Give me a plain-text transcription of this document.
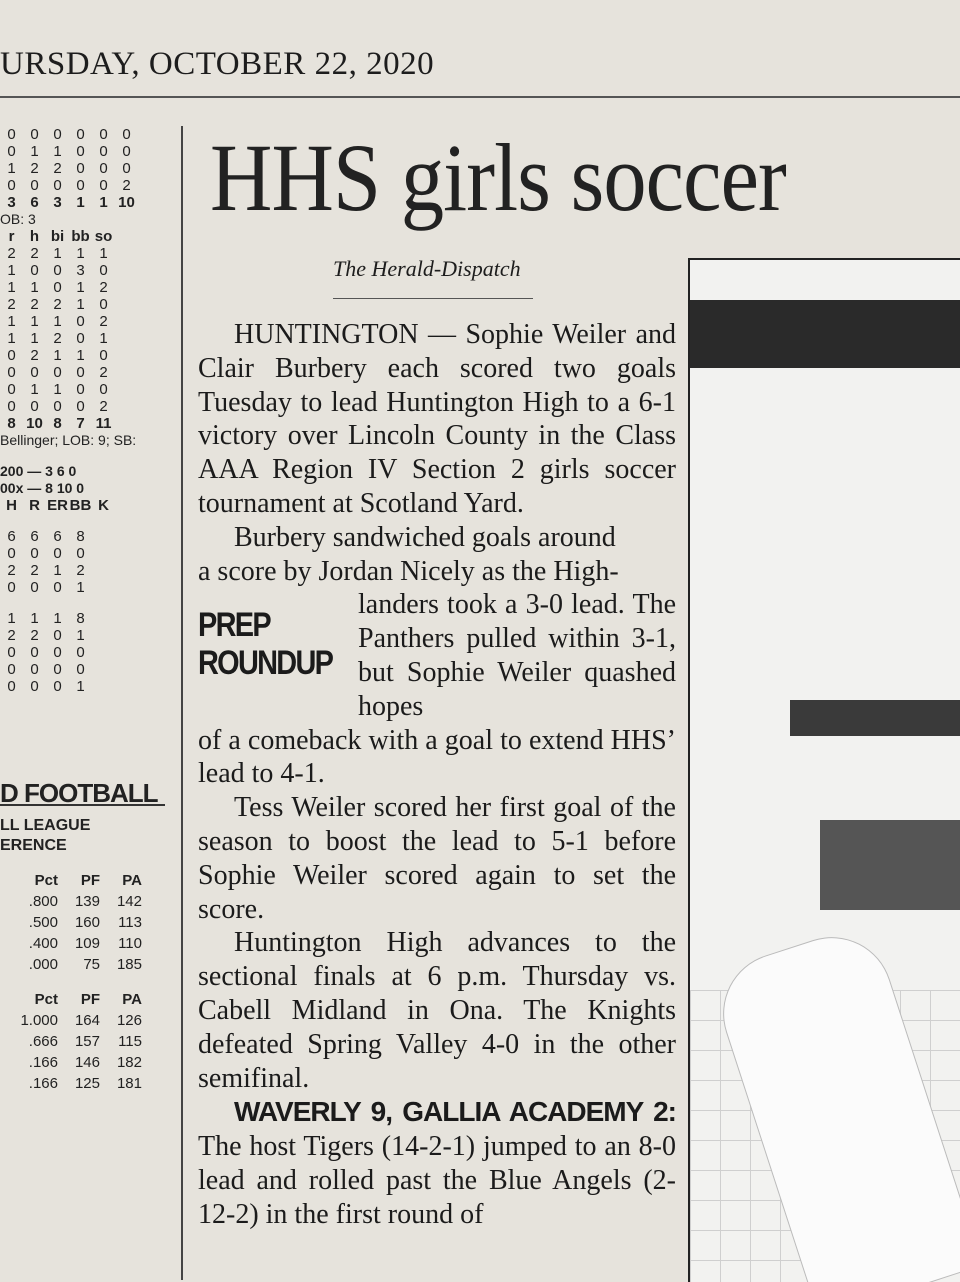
URSDAY, OCTOBER 22, 2020
0 0 0 0 0 0
0 1 1 0 0 0
1 2 2 0 0 0
0 0 0 0 0 2
3 6 3 1 1 10
OB: 3
r	h bi bb so
2 2 1 1 1
1 0 0 3 0
1 1 0 1 2
2 2 2 1 0
1 1 1 0 2
1 1 2 0 1
0 2 1 1 0
0 0 0 0 2
0 1 1 0 0
0 0 0 0 2
8 10 8 7 11
Bellinger; LOB: 9; SB:
200 — 3 6 0
00x — 8 10 0
H R ER BB K
6 6 6 8
0 0 0 0
2 2 1 2
0 0 0 1
1 1 1 8
2 2 0 1
0 0 0 0
0 0 0 0
0 0 0 1
D FOOTBALL
LL LEAGUE
ERENCE
Pct	PF	PA
.800	139	142
.500	160	113
.400	109	110
.000	75	185
Pct	PF	PA
1.000	164	126
.666	157	115
.166	146	182
.166	125	181
HHS girls soccer
The Herald-Dispatch

HUNTINGTON — Sophie Weiler and Clair Burbery each scored two goals Tuesday to lead Huntington High to a 6-1 victory over Lincoln County in the Class AAA Region IV Section 2 girls soccer tournament at Scotland Yard.

Burbery sandwiched goals around

a score by Jordan Nicely as the High-

PREP
ROUNDUP

landers took a 3-0 lead. The Panthers pulled within 3-1, but Sophie Weiler quashed hopes

of a comeback with a goal to extend HHS’ lead to 4-1.

Tess Weiler scored her first goal of the season to boost the lead to 5-1 before Sophie Weiler scored again to set the score.

Huntington High advances to the sectional finals at 6 p.m. Thursday vs. Cabell Midland in Ona. The Knights defeated Spring Valley 4-0 in the other semifinal.

WAVERLY 9, GALLIA ACADEMY 2: The host Tigers (14-2-1) jumped to an 8-0 lead and rolled past the Blue Angels (2-12-2) in the first round of
